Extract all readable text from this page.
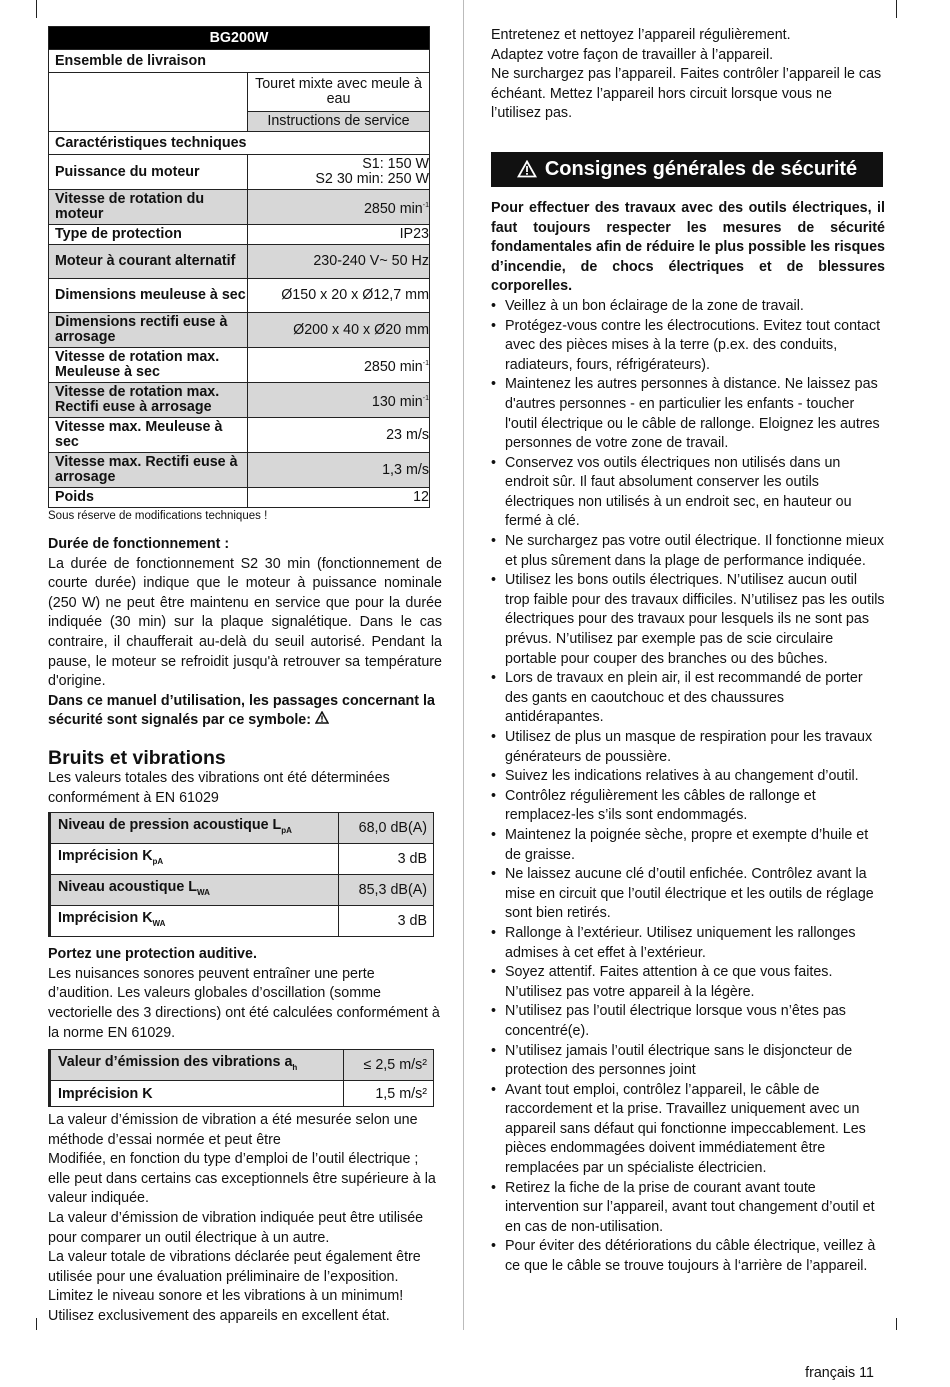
BG200W	
Ensemble de livraison	
	Touret mixte avec meule à eau
	Instructions de service
Caractéristiques techniques	
Puissance du moteur	S1: 150 W
S2 30 min: 250 W
Vitesse de rotation du moteur	2850 $\min^{-1}$
Type de protection	IP23
Moteur à courant alternatif	230-240 V~ 50 Hz
Dimensions meuleuse à sec	Ø150 x 20 x Ø12,7 mm
Dimensions rectifi euse à arrosage	Ø200 x 40 x Ø20 mm
Vitesse de rotation max. Meuleuse à sec	2850 $\min^{-1}$
Vitesse de rotation max. Rectifi euse à arrosage	130 $\min^{-1}$
Vitesse max. Meuleuse à sec	23 m/s
Vitesse max. Rectifi euse à arrosage	1,3 m/s
Poids	12
Sous réserve de modifications techniques !

Durée de fonctionnement :

La durée de fonctionnement S2 30 min (fonctionnement de courte durée) indique que le moteur à puissance nominale (250 W) ne peut être maintenu en service que pour la durée indiquée (30 min) sur la plaque signalétique. Dans le cas contraire, il chaufferait au-delà du seuil autorisé. Pendant la pause, le moteur se refroidit jusqu'à retrouver sa température d'origine.

Dans ce manuel d’utilisation, les passages concernant la sécurité sont signalés par ce symbole:

Bruits et vibrations

Les valeurs totales des vibrations ont été déterminées conformément à EN 61029

Niveau de pression acoustique $L_{pA}$	68,0 dB(A)
Imprécision $K_{pA}$	3 dB
Niveau acoustique $L_{WA}$	85,3 dB(A)
Imprécision $K_{WA}$	3 dB

Portez une protection auditive.

Les nuisances sonores peuvent entraîner une perte d’audition. Les valeurs globales d’oscillation (somme vectorielle des 3 directions) ont été calculées conformément à la norme EN 61029.

Valeur d’émission des vibrations $a_h$	≤ 2,5 m/s²
Imprécision K	1,5 m/s²

La valeur d’émission de vibration a été mesurée selon une méthode d’essai normée et peut être

Modifiée, en fonction du type d’emploi de l’outil électrique ; elle peut dans certains cas exceptionnels être supérieure à la valeur indiquée.

La valeur d’émission de vibration indiquée peut être utilisée pour comparer un outil électrique à un autre.

La valeur totale de vibrations déclarée peut également être utilisée pour une évaluation préliminaire de l’exposition.

Limitez le niveau sonore et les vibrations à un minimum!

Utilisez exclusivement des appareils en excellent état.

Entretenez et nettoyez l’appareil régulièrement.

Adaptez votre façon de travailler à l’appareil.

Ne surchargez pas l’appareil. Faites contrôler l’appareil le cas échéant. Mettez l’appareil hors circuit lorsque vous ne l’utilisez pas.

Consignes générales de sécurité

Pour effectuer des travaux avec des outils électriques, il faut toujours respecter les mesures de sécurité fondamentales afin de réduire le plus possible les risques d’incendie, de chocs électriques et de blessures corporelles.

• Veillez à un bon éclairage de la zone de travail.
• Protégez-vous contre les électrocutions. Evitez tout contact avec des pièces mises à la terre (p.ex. des conduits, radiateurs, fours, réfrigérateurs).
• Maintenez les autres personnes à distance. Ne laissez pas d'autres personnes - en particulier les enfants - toucher l'outil électrique ou le câble de rallonge. Eloignez les autres personnes de votre zone de travail.
• Conservez vos outils électriques non utilisés dans un endroit sûr. Il faut absolument conserver les outils électriques non utilisés à un endroit sec, en hauteur ou fermé à clé.
• Ne surchargez pas votre outil électrique. Il fonctionne mieux et plus sûrement dans la plage de performance indiquée.
• Utilisez les bons outils électriques. N’utilisez aucun outil trop faible pour des travaux difficiles. N’utilisez pas les outils électriques pour des travaux pour lesquels ils ne sont pas prévus. N’utilisez par exemple pas de scie circulaire portable pour couper des branches ou des bûches.
• Lors de travaux en plein air, il est recommandé de porter des gants en caoutchouc et des chaussures antidérapantes.
• Utilisez de plus un masque de respiration pour les travaux générateurs de poussière.
• Suivez les indications relatives à au changement d’outil.
• Contrôlez régulièrement les câbles de rallonge et remplacez-les s’ils sont endommagés.
• Maintenez la poignée sèche, propre et exempte d’huile et de graisse.
• Ne laissez aucune clé d’outil enfichée. Contrôlez avant la mise en circuit que l’outil électrique et les outils de réglage sont bien retirés.
• Rallonge à l’extérieur. Utilisez uniquement les rallonges admises à cet effet à l’extérieur.
• Soyez attentif. Faites attention à ce que vous faites. N’utilisez pas votre appareil à la légère.
• N’utilisez pas l’outil électrique lorsque vous n’êtes pas concentré(e).
• N’utilisez jamais l’outil électrique sans le disjoncteur de protection des personnes joint
• Avant tout emploi, contrôlez l’appareil, le câble de raccordement et la prise. Travaillez uniquement avec un appareil sans défaut qui fonctionne impeccablement. Les pièces endommagées doivent immédiatement être remplacées par un spécialiste électricien.
• Retirez la fiche de la prise de courant avant toute intervention sur l’appareil, avant tout changement d’outil et en cas de non-utilisation.
• Pour éviter des détériorations du câble électrique, veillez à ce que le câble se trouve toujours à l‘arrière de l’appareil.
français 11
